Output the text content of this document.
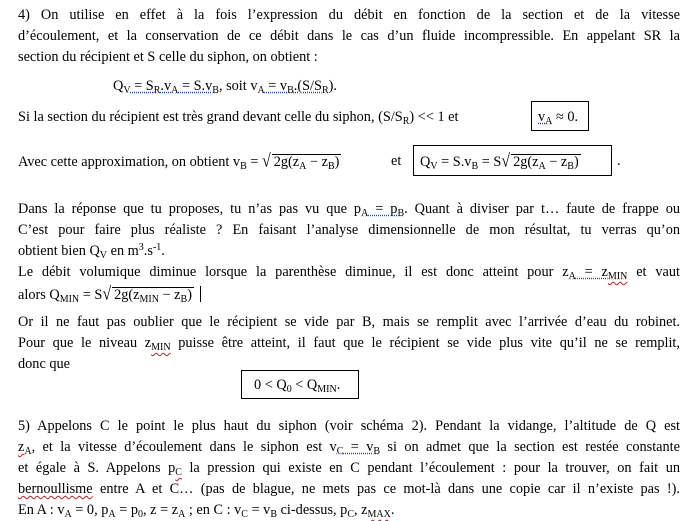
4) On utilise en effet à la fois l’expression du débit en fonction de la section et de la vitesse
d’écoulement, et la conservation de ce débit dans le cas d’un fluide incompressible. En appelant SR la
section du récipient et S celle du siphon, on obtient :
$Q_V = S_R.v_A = S.v_B$, soit $v_A = v_B.(S/S_R)$.
Si la section du récipient est très grand devant celle du siphon, $(S/S_R) << 1$ et	$v_A \approx 0$.
Avec cette approximation, on obtient $v_B$ = √ $2g(z_A - z_B)$	et	$Q_V = S.v_B = S√$ $2g(z_A - z_B)$	.
Dans la réponse que tu proposes, tu n’as pas vu que $p_A = p_B$. Quant à diviser par t… faute de frappe ou
C’est pour faire plus réaliste ? En faisant l’analyse dimensionnelle de mon résultat, tu verras qu’on
obtient bien $Q_V$ en $m^3.s^{-1}$.
Le débit volumique diminue lorsque la parenthèse diminue, il est donc atteint pour $z_A = z_{MIN}$ et vaut
alors $Q_{MIN} = S√$ $2g(z_{MIN} - z_B)$
Or il ne faut pas oublier que le récipient se vide par B, mais se remplit avec l’arrivée d’eau du robinet.
Pour que le niveau $z_{MIN}$ puisse être atteint, il faut que le récipient se vide plus vite qu’il ne se remplit,
donc que
$0 < Q_0 < Q_{MIN}$.
5) Appelons C le point le plus haut du siphon (voir schéma 2). Pendant la vidange, l’altitude de Q est
$z_A$, et la vitesse d’écoulement dans le siphon est $v_C = v_B$ si on admet que la section est restée constante
et égale à S. Appelons $p_C$ la pression qui existe en C pendant l’écoulement : pour la trouver, on fait un
bernoullisme entre A et C… (pas de blague, ne mets pas ce mot-là dans une copie car il n’existe pas !).
En A : $v_A = 0$, $p_A = p_0$, $z = z_A$ ; en C : $v_C = v_B$ ci-dessus, $p_C$, $z_{MAX}$.
